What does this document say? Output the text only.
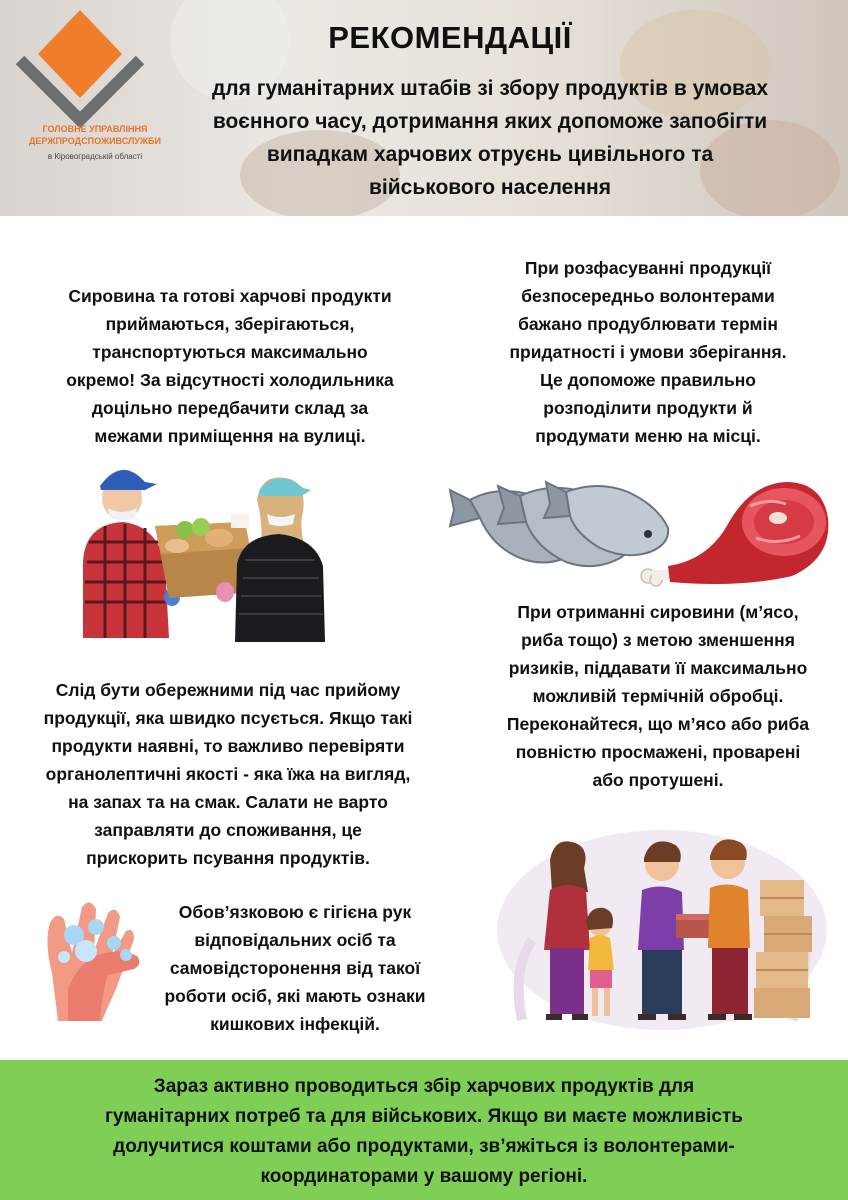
ГОЛОВНЕ УПРАВЛІННЯ
ДЕРЖПРОДСПОЖИВСЛУЖБИ
в Кіровоградській області
РЕКОМЕНДАЦІЇ

для гуманітарних штабів зі збору продуктів в умовах
воєнного часу, дотримання яких допоможе запобігти
випадкам харчових отруєнь цивільного та
військового населення

Сировина та готові харчові продукти
приймаються, зберігаються,
транспортуються максимально
окремо! За відсутності холодильника
доцільно передбачити склад за
межами приміщення на вулиці.

Слід бути обережними під час прийому
продукції, яка швидко псується. Якщо такі
продукти наявні, то важливо перевіряти
органолептичні якості - яка їжа на вигляд,
на запах та на смак. Салати не варто
заправляти до споживання, це
прискорить псування продуктів.

Обов’язковою є гігієна рук
відповідальних осіб та
самовідсторонення від такої
роботи осіб, які мають ознаки
кишкових інфекцій.

При розфасуванні продукції
безпосередньо волонтерами
бажано продублювати термін
придатності і умови зберігання.
Це допоможе правильно
розподілити продукти й
продумати меню на місці.

При отриманні сировини (м’ясо,
риба тощо) з метою зменшення
ризиків, піддавати її максимально
можливій термічній обробці.
Переконайтеся, що м’ясо або риба
повністю просмажені, проварені
або протушені.

Зараз активно проводиться збір харчових продуктів для
гуманітарних потреб та для військових. Якщо ви маєте можливість
долучитися коштами або продуктами, зв’яжіться із волонтерами-
координаторами у вашому регіоні.
